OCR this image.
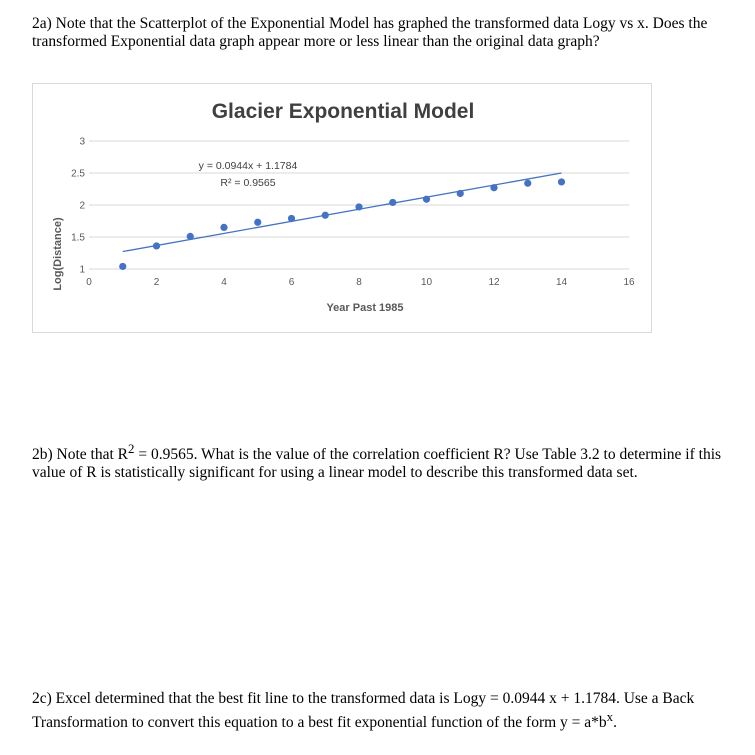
2a) Note that the Scatterplot of the Exponential Model has graphed the transformed data Logy vs x. Does the transformed Exponential data graph appear more or less linear than the original data graph?

Glacier Exponential Model
1
1.5
2
2.5
3
0	2	4	6	8	10	12	14	16
y = 0.0944x + 1.1784
R² = 0.9565
Year Past 1985
Log(Distance)

2b) Note that $R^2 = 0.9565$. What is the value of the correlation coefficient R? Use Table 3.2 to determine if this value of R is statistically significant for using a linear model to describe this transformed data set.

2c) Excel determined that the best fit line to the transformed data is Logy = 0.0944 x + 1.1784. Use a Back Transformation to convert this equation to a best fit exponential function of the form $y = a*b^x$.
